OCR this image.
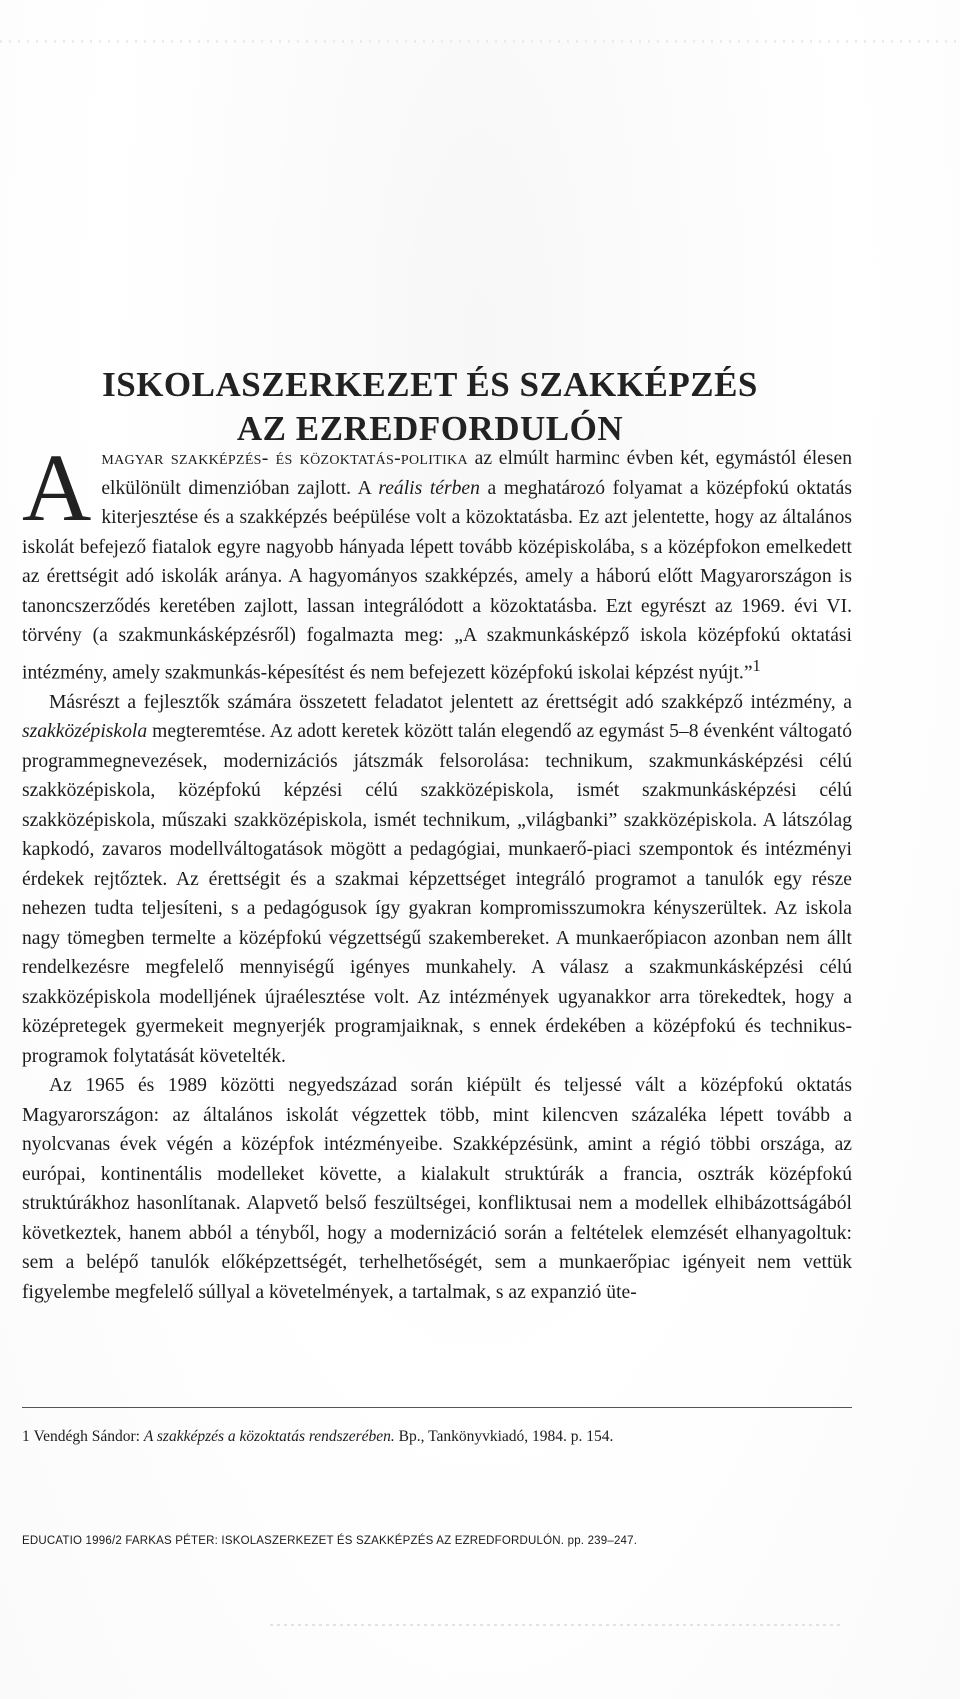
ISKOLASZERKEZET ÉS SZAKKÉPZÉS
AZ EZREDFORDULÓN

Amagyar szakképzés- és közoktatás-politika az elmúlt harminc évben két, egymástól élesen elkülönült dimenzióban zajlott. A reális térben a meghatározó folyamat a középfokú oktatás kiterjesztése és a szakképzés beépülése volt a közoktatásba. Ez azt jelentette, hogy az általános iskolát befejező fiatalok egyre nagyobb hányada lépett tovább középiskolába, s a középfokon emelkedett az érettségit adó iskolák aránya. A hagyományos szakképzés, amely a háború előtt Magyarországon is tanoncszerződés keretében zajlott, lassan integrálódott a közoktatásba. Ezt egyrészt az 1969. évi VI. törvény (a szakmunkásképzésről) fogalmazta meg: „A szakmunkásképző iskola középfokú oktatási intézmény, amely szakmunkás-képesítést és nem befejezett középfokú iskolai képzést nyújt.”$^1$

Másrészt a fejlesztők számára összetett feladatot jelentett az érettségit adó szakképző intézmény, a szakközépiskola megteremtése. Az adott keretek között talán elegendő az egymást 5–8 évenként váltogató programmegnevezések, modernizációs játszmák felsorolása: technikum, szakmunkásképzési célú szakközépiskola, középfokú képzési célú szakközépiskola, ismét szakmunkásképzési célú szakközépiskola, műszaki szakközépiskola, ismét technikum, „világbanki” szakközépiskola. A látszólag kapkodó, zavaros modellváltogatások mögött a pedagógiai, munkaerő-piaci szempontok és intézményi érdekek rejtőztek. Az érettségit és a szakmai képzettséget integráló programot a tanulók egy része nehezen tudta teljesíteni, s a pedagógusok így gyakran kompromisszumokra kényszerültek. Az iskola nagy tömegben termelte a középfokú végzettségű szakembereket. A munkaerőpiacon azonban nem állt rendelkezésre megfelelő mennyiségű igényes munkahely. A válasz a szakmunkásképzési célú szakközépiskola modelljének újraélesztése volt. Az intézmények ugyanakkor arra törekedtek, hogy a középretegek gyermekeit megnyerjék programjaiknak, s ennek érdekében a középfokú és technikus-programok folytatását követelték.

Az 1965 és 1989 közötti negyedszázad során kiépült és teljessé vált a középfokú oktatás Magyarországon: az általános iskolát végzettek több, mint kilencven százaléka lépett tovább a nyolcvanas évek végén a középfok intézményeibe. Szakképzésünk, amint a régió többi országa, az európai, kontinentális modelleket követte, a kialakult struktúrák a francia, osztrák középfokú struktúrákhoz hasonlítanak. Alapvető belső feszültségei, konfliktusai nem a modellek elhibázottságából következtek, hanem abból a tényből, hogy a modernizáció során a feltételek elemzését elhanyagoltuk: sem a belépő tanulók előképzettségét, terhelhetőségét, sem a munkaerőpiac igényeit nem vettük figyelembe megfelelő súllyal a követelmények, a tartalmak, s az expanzió üte-

1 Vendégh Sándor: A szakképzés a közoktatás rendszerében. Bp., Tankönyvkiadó, 1984. p. 154.
EDUCATIO 1996/2 FARKAS PÉTER: ISKOLASZERKEZET ÉS SZAKKÉPZÉS AZ EZREDFORDULÓN. pp. 239–247.
